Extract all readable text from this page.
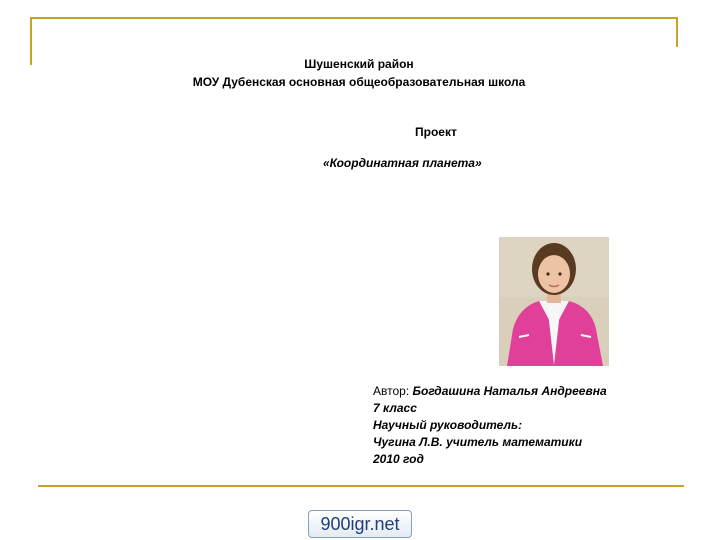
Шушенский район
МОУ Дубенская основная общеобразовательная школа
Проект
«Координатная планета»
Автор: Богдашина Наталья Андреевна
7 класс
Научный руководитель:
Чугина Л.В. учитель математики
2010 год
900igr.net
